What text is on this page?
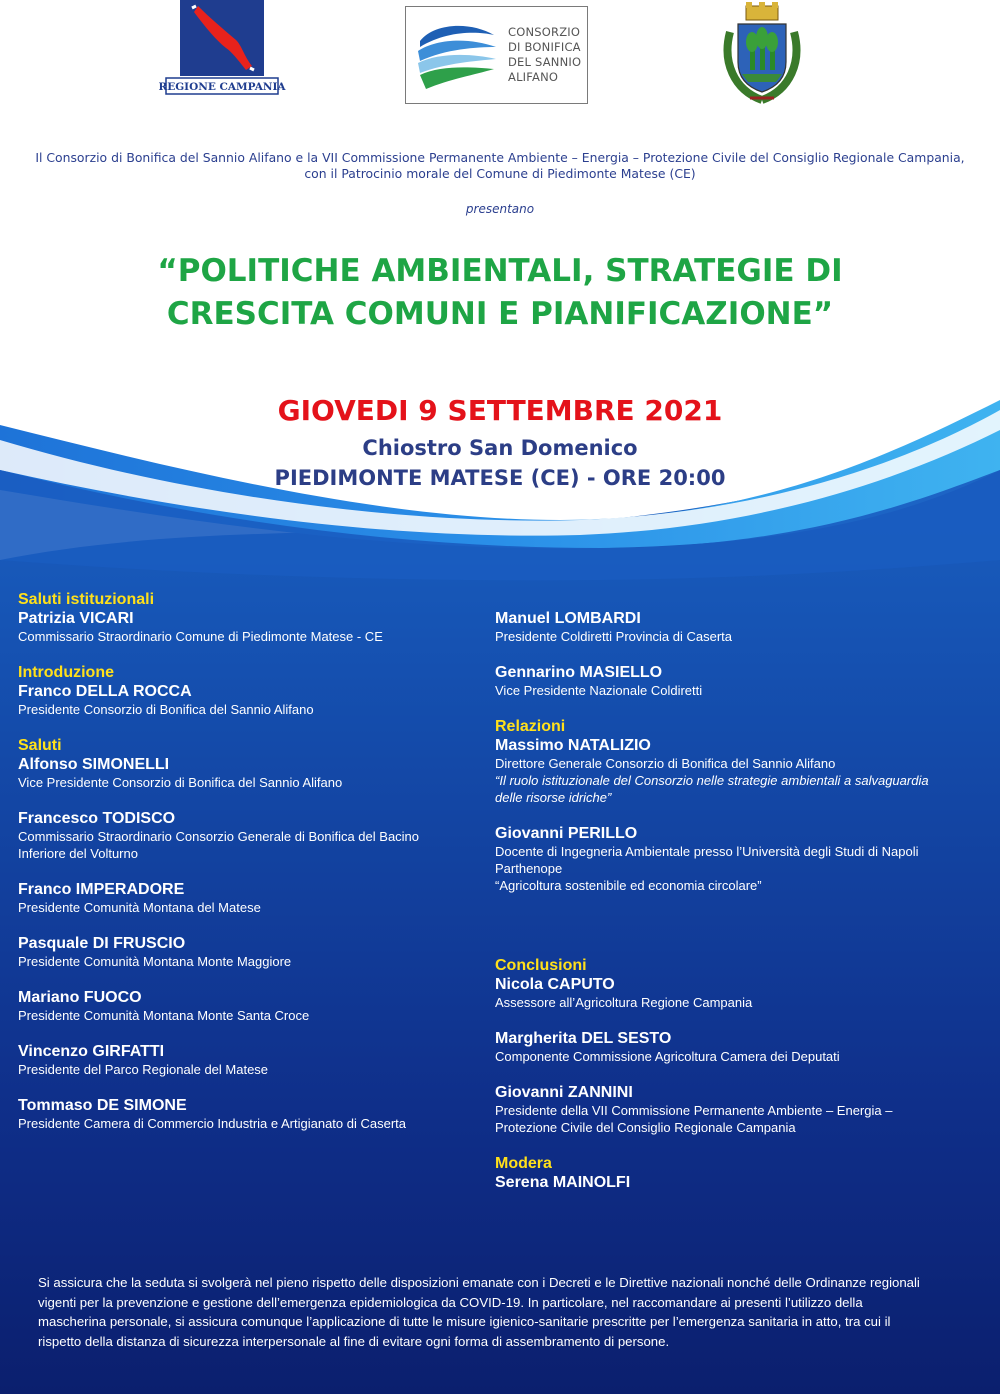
REGIONE CAMPANIA
CONSORZIO
DI BONIFICA
DEL SANNIO
ALIFANO
Il Consorzio di Bonifica del Sannio Alifano e la VII Commissione Permanente Ambiente – Energia – Protezione Civile del Consiglio Regionale Campania,
con il Patrocinio morale del Comune di Piedimonte Matese (CE)
presentano
“POLITICHE AMBIENTALI, STRATEGIE DI
CRESCITA COMUNI E PIANIFICAZIONE”
GIOVEDI 9 SETTEMBRE 2021
Chiostro San Domenico
PIEDIMONTE MATESE (CE) - ORE 20:00
Saluti istituzionali
Patrizia VICARI
Commissario Straordinario Comune di Piedimonte Matese - CE
Introduzione
Franco DELLA ROCCA
Presidente Consorzio di Bonifica del Sannio Alifano
Saluti
Alfonso SIMONELLI
Vice Presidente Consorzio di Bonifica del Sannio Alifano
Francesco TODISCO
Commissario Straordinario Consorzio Generale di Bonifica del Bacino
Inferiore del Volturno
Franco IMPERADORE
Presidente Comunità Montana del Matese
Pasquale DI FRUSCIO
Presidente Comunità Montana Monte Maggiore
Mariano FUOCO
Presidente Comunità Montana Monte Santa Croce
Vincenzo GIRFATTI
Presidente del Parco Regionale del Matese
Tommaso DE SIMONE
Presidente Camera di Commercio Industria e Artigianato di Caserta
Manuel LOMBARDI
Presidente Coldiretti Provincia di Caserta
Gennarino MASIELLO
Vice Presidente Nazionale Coldiretti
Relazioni
Massimo NATALIZIO
Direttore Generale Consorzio di Bonifica del Sannio Alifano
“Il ruolo istituzionale del Consorzio nelle strategie ambientali a salvaguardia
delle risorse idriche”
Giovanni PERILLO
Docente di Ingegneria Ambientale presso l’Università degli Studi di Napoli
Parthenope
“Agricoltura sostenibile ed economia circolare”
Conclusioni
Nicola CAPUTO
Assessore all’Agricoltura Regione Campania
Margherita DEL SESTO
Componente Commissione Agricoltura Camera dei Deputati
Giovanni ZANNINI
Presidente della VII Commissione Permanente Ambiente – Energia –
Protezione Civile del Consiglio Regionale Campania
Modera
Serena MAINOLFI
Si assicura che la seduta si svolgerà nel pieno rispetto delle disposizioni emanate con i Decreti e le Direttive nazionali nonché delle Ordinanze regionali
vigenti per la prevenzione e gestione dell’emergenza epidemiologica da COVID-19. In particolare, nel raccomandare ai presenti l’utilizzo della
mascherina personale, si assicura comunque l’applicazione di tutte le misure igienico-sanitarie prescritte per l’emergenza sanitaria in atto, tra cui il
rispetto della distanza di sicurezza interpersonale al fine di evitare ogni forma di assembramento di persone.
